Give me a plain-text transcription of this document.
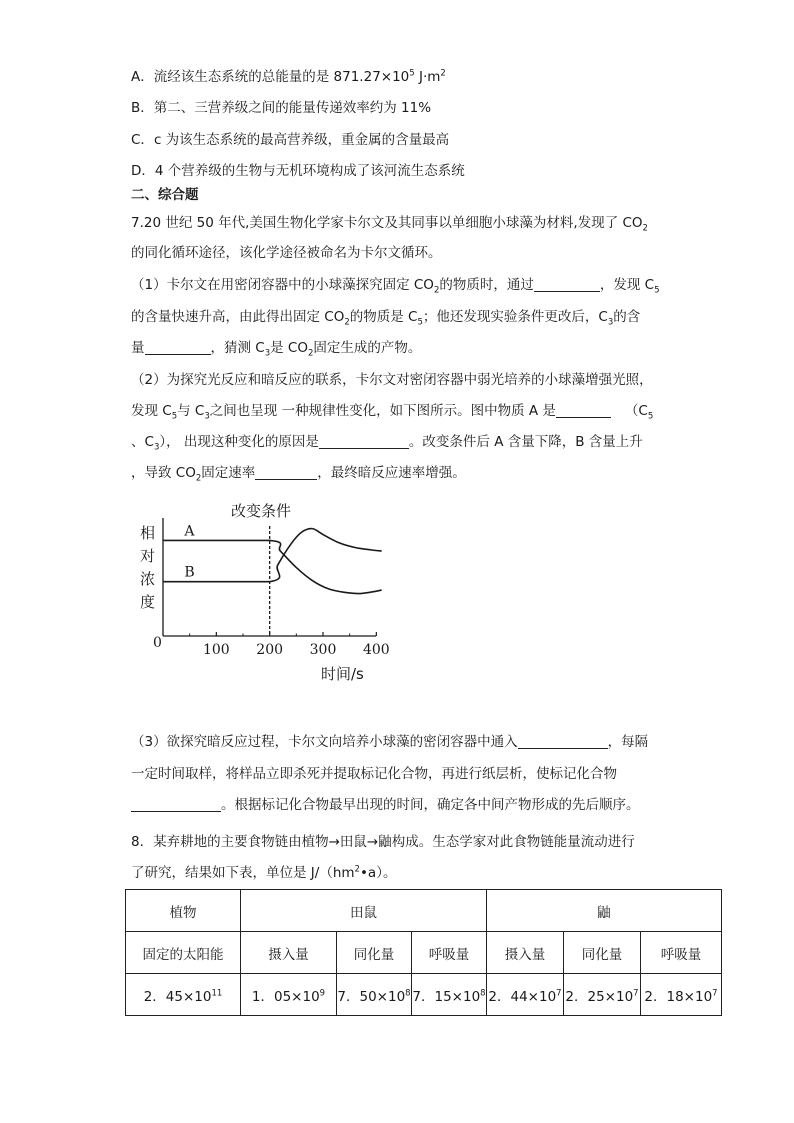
A．流经该生态系统的总能量的是 $871.27\times 10^5$ $J\cdot m^2$
B．第二、三营养级之间的能量传递效率约为 11%
C．c 为该生态系统的最高营养级，重金属的含量最高
D．4 个营养级的生物与无机环境构成了该河流生态系统
二、综合题
7.20 世纪 50 年代,美国生物化学家卡尔文及其同事以单细胞小球藻为材料,发现了 $CO_2$
的同化循环途径，该化学途径被命名为卡尔文循环。
（1）卡尔文在用密闭容器中的小球藻探究固定 $CO_2$的物质时，通过	，发现 $C_5$
的含量快速升高，由此得出固定 $CO_2$的物质是 $C_5$；他还发现实验条件更改后，$C_3$的含
量	，猜测 $C_3$是 $CO_2$固定生成的产物。
（2）为探究光反应和暗反应的联系，卡尔文对密闭容器中弱光培养的小球藻增强光照，
发现 $C_5$与 $C_3$之间也呈现 一种规律性变化，如下图所示。图中物质 A 是	（$C_5$
、$C_3$）， 出现这种变化的原因是	。改变条件后 A 含量下降，B 含量上升
，导致 $CO_2$固定速率	，最终暗反应速率增强。
改变条件
相
对
浓
度
0	100 200 300 400
A
B
时间/s
（3）欲探究暗反应过程，卡尔文向培养小球藻的密闭容器中通入	，每隔
一定时间取样，将样品立即杀死并提取标记化合物，再进行纸层析，使标记化合物
。根据标记化合物最早出现的时间，确定各中间产物形成的先后顺序。
8．某弃耕地的主要食物链由植物→田鼠→鼬构成。生态学家对此食物链能量流动进行
了研究，结果如下表，单位是 $J/(hm^2•a)$。
植物	田鼠			鼬		
固定的太阳能	摄入量	同化量	呼吸量	摄入量	同化量	呼吸量
2．$45\times 10^{11}$	1．$05\times 10^9$	7．$50\times 10^8$	7．$15\times 10^8$	2．$44\times 10^7$	2．$25\times 10^7$	2．$18\times 10^7$
